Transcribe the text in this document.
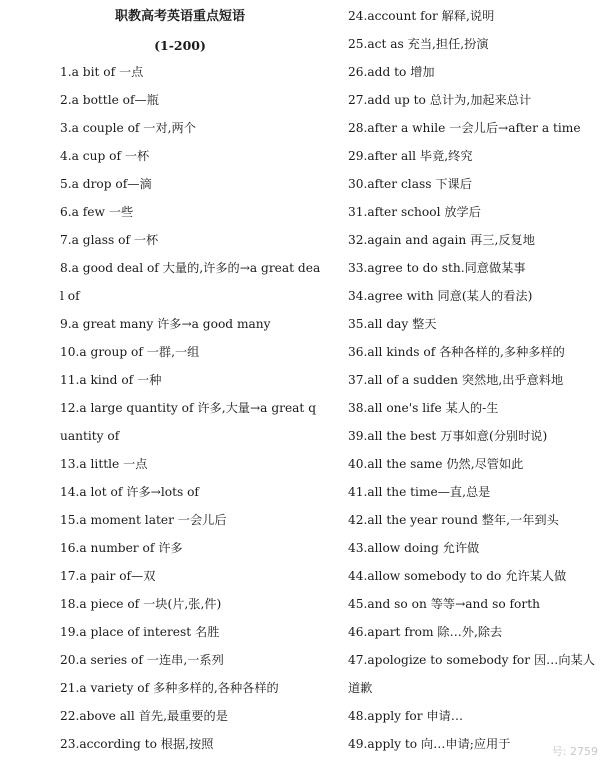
职教高考英语重点短语
(1-200)
1.a bit of 一点
2.a bottle of—瓶
3.a couple of 一对,两个
4.a cup of 一杯
5.a drop of—滴
6.a few 一些
7.a glass of 一杯
8.a good deal of 大量的,许多的→a great deal of
9.a great many 许多→a good many
10.a group of 一群,一组
11.a kind of 一种
12.a large quantity of 许多,大量→a great quantity of
13.a little 一点
14.a lot of 许多→lots of
15.a moment later 一会儿后
16.a number of 许多
17.a pair of—双
18.a piece of 一块(片,张,件)
19.a place of interest 名胜
20.a series of 一连串,一系列
21.a variety of 多种多样的,各种各样的
22.above all 首先,最重要的是
23.according to 根据,按照
24.account for 解释,说明
25.act as 充当,担任,扮演
26.add to 增加
27.add up to 总计为,加起来总计
28.after a while 一会儿后→after a time
29.after all 毕竟,终究
30.after class 下课后
31.after school 放学后
32.again and again 再三,反复地
33.agree to do sth.同意做某事
34.agree with 同意(某人的看法)
35.all day 整天
36.all kinds of 各种各样的,多种多样的
37.all of a sudden 突然地,出乎意料地
38.all one's life 某人的-生
39.all the best 万事如意(分别时说)
40.all the same 仍然,尽管如此
41.all the time—直,总是
42.all the year round 整年,一年到头
43.allow doing 允许做
44.allow somebody to do 允许某人做
45.and so on 等等→and so forth
46.apart from 除…外,除去
47.apologize to somebody for 因…向某人道歉
48.apply for 申请…
49.apply to 向…申请;应用于
号: 2759
